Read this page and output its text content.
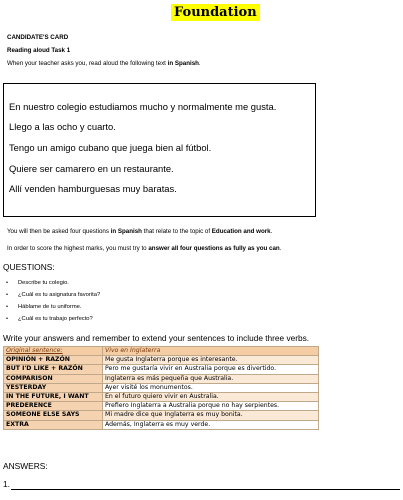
Foundation
CANDIDATE'S CARD
Reading aloud Task 1
When your teacher asks you, read aloud the following text in Spanish.

En nuestro colegio estudiamos mucho y normalmente me gusta.

Llego a las ocho y cuarto.

Tengo un amigo cubano que juega bien al fútbol.

Quiere ser camarero en un restaurante.

Allí venden hamburguesas muy baratas.

You will then be asked four questions in Spanish that relate to the topic of Education and work.
In order to score the highest marks, you must try to answer all four questions as fully as you can.
QUESTIONS:
• Describe tu colegio.
• ¿Cuál es tu asignatura favorita?
• Háblame de tu uniforme.
• ¿Cuál es tu trabajo perfecto?
Write your answers and remember to extend your sentences to include three verbs.
Original sentence:	Vivo en Inglaterra
OPINIÓN + RAZÓN	Me gusta Inglaterra porque es interesante.
BUT I'D LIKE + RAZÓN	Pero me gustaría vivir en Australia porque es divertido.
COMPARISON	Inglaterra es más pequeña que Australia.
YESTERDAY	Ayer visité los monumentos.
IN THE FUTURE, I WANT	En el futuro quiero vivir en Australia.
PREDERENCE	Prefiero Inglaterra a Australia porque no hay serpientes.
SOMEONE ELSE SAYS	Mi madre dice que Inglaterra es muy bonita.
EXTRA	Además, Inglaterra es muy verde.
ANSWERS:
1.
